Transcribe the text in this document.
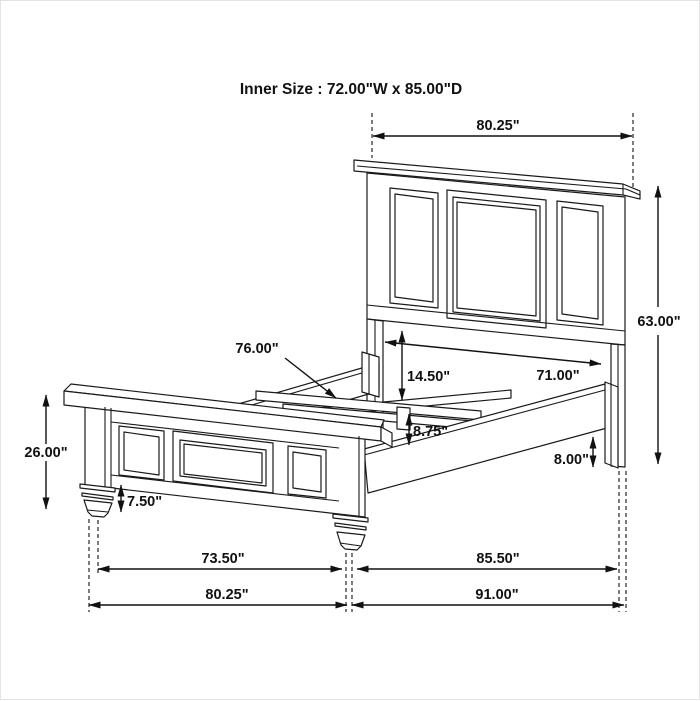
Inner Size : 72.00"W x 85.00"D
80.25"
63.00"
71.00"
14.50"
8.75"
8.00"
76.00"
26.00"
7.50"
73.50"	85.50"
80.25"	91.00"
